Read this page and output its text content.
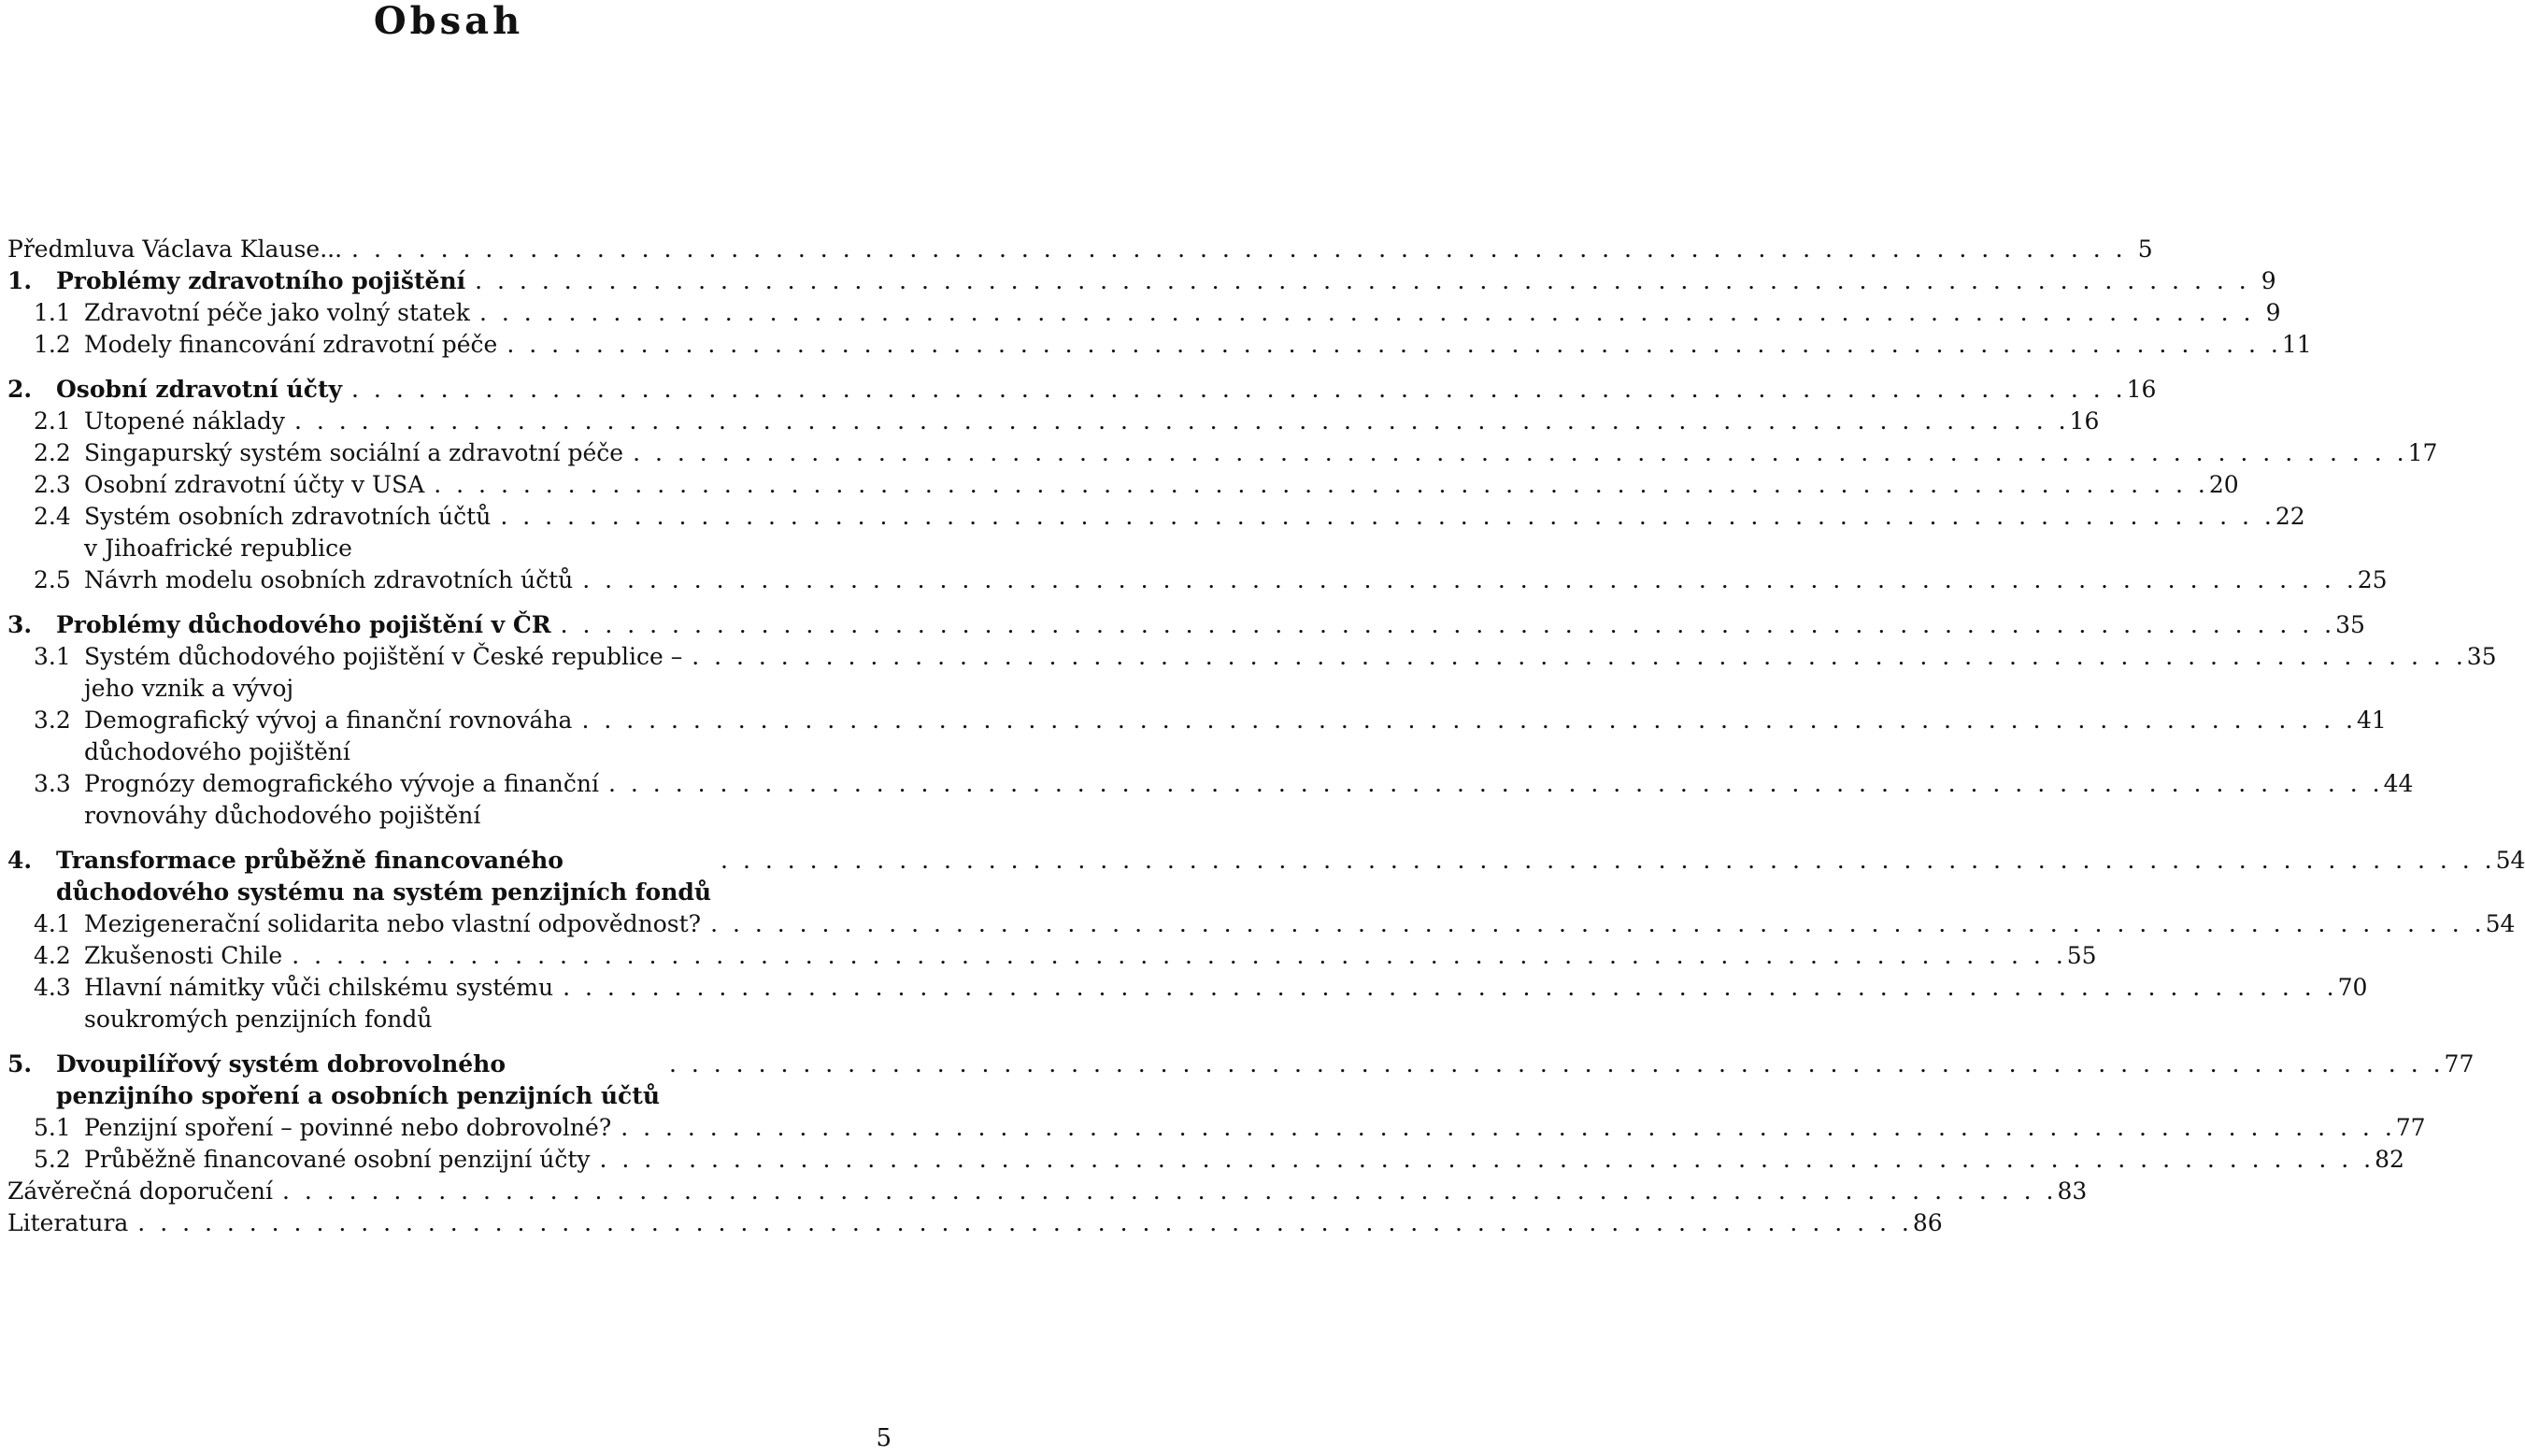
Obsah
Předmluva Václava Klause... . . . . . . . . . . . . . . . . . . . . . . . . . . . . . . . . . . . . . . . . . . . . . . . . . . . . . . . . . . . . . . . . . . . . . . . . . . . . . . . . 5
1.	Problémy zdravotního pojištění . . . . . . . . . . . . . . . . . . . . . . . . . . . . . . . . . . . . . . . . . . . . . . . . . . . . . . . . . . . . . . . . . . . . . . . . . . . . . . . . 9
1.1 Zdravotní péče jako volný statek . . . . . . . . . . . . . . . . . . . . . . . . . . . . . . . . . . . . . . . . . . . . . . . . . . . . . . . . . . . . . . . . . . . . . . . . . . . . . . . . 9
1.2 Modely financování zdravotní péče . . . . . . . . . . . . . . . . . . . . . . . . . . . . . . . . . . . . . . . . . . . . . . . . . . . . . . . . . . . . . . . . . . . . . . . . . . . . . . . . 11
2.	Osobní zdravotní účty . . . . . . . . . . . . . . . . . . . . . . . . . . . . . . . . . . . . . . . . . . . . . . . . . . . . . . . . . . . . . . . . . . . . . . . . . . . . . . . . 16
2.1 Utopené náklady . . . . . . . . . . . . . . . . . . . . . . . . . . . . . . . . . . . . . . . . . . . . . . . . . . . . . . . . . . . . . . . . . . . . . . . . . . . . . . . . 16
2.2 Singapurský systém sociální a zdravotní péče . . . . . . . . . . . . . . . . . . . . . . . . . . . . . . . . . . . . . . . . . . . . . . . . . . . . . . . . . . . . . . . . . . . . . . . . . . . . . . . . 17
2.3 Osobní zdravotní účty v USA . . . . . . . . . . . . . . . . . . . . . . . . . . . . . . . . . . . . . . . . . . . . . . . . . . . . . . . . . . . . . . . . . . . . . . . . . . . . . . . . 20
2.4 Systém osobních zdravotních účtů
v Jihoafrické republice
. . . . . . . . . . . . . . . . . . . . . . . . . . . . . . . . . . . . . . . . . . . . . . . . . . . . . . . . . . . . . . . . . . . . . . . . . . . . . . . . 22
2.5 Návrh modelu osobních zdravotních účtů . . . . . . . . . . . . . . . . . . . . . . . . . . . . . . . . . . . . . . . . . . . . . . . . . . . . . . . . . . . . . . . . . . . . . . . . . . . . . . . . 25
3.	Problémy důchodového pojištění v ČR . . . . . . . . . . . . . . . . . . . . . . . . . . . . . . . . . . . . . . . . . . . . . . . . . . . . . . . . . . . . . . . . . . . . . . . . . . . . . . . . 35
3.1 Systém důchodového pojištění v České republice –
jeho vznik a vývoj
. . . . . . . . . . . . . . . . . . . . . . . . . . . . . . . . . . . . . . . . . . . . . . . . . . . . . . . . . . . . . . . . . . . . . . . . . . . . . . . . 35
3.2 Demografický vývoj a finanční rovnováha
důchodového pojištění
. . . . . . . . . . . . . . . . . . . . . . . . . . . . . . . . . . . . . . . . . . . . . . . . . . . . . . . . . . . . . . . . . . . . . . . . . . . . . . . . 41
3.3 Prognózy demografického vývoje a finanční
rovnováhy důchodového pojištění
. . . . . . . . . . . . . . . . . . . . . . . . . . . . . . . . . . . . . . . . . . . . . . . . . . . . . . . . . . . . . . . . . . . . . . . . . . . . . . . . 44
4.	Transformace průběžně financovaného
důchodového systému na systém penzijních fondů
. . . . . . . . . . . . . . . . . . . . . . . . . . . . . . . . . . . . . . . . . . . . . . . . . . . . . . . . . . . . . . . . . . . . . . . . . . . . . . . . 54
4.1 Mezigenerační solidarita nebo vlastní odpovědnost? . . . . . . . . . . . . . . . . . . . . . . . . . . . . . . . . . . . . . . . . . . . . . . . . . . . . . . . . . . . . . . . . . . . . . . . . . . . . . . . . 54
4.2 Zkušenosti Chile . . . . . . . . . . . . . . . . . . . . . . . . . . . . . . . . . . . . . . . . . . . . . . . . . . . . . . . . . . . . . . . . . . . . . . . . . . . . . . . . 55
4.3 Hlavní námitky vůči chilskému systému
soukromých penzijních fondů
. . . . . . . . . . . . . . . . . . . . . . . . . . . . . . . . . . . . . . . . . . . . . . . . . . . . . . . . . . . . . . . . . . . . . . . . . . . . . . . . 70
5.	Dvoupilířový systém dobrovolného
penzijního spoření a osobních penzijních účtů
. . . . . . . . . . . . . . . . . . . . . . . . . . . . . . . . . . . . . . . . . . . . . . . . . . . . . . . . . . . . . . . . . . . . . . . . . . . . . . . . 77
5.1 Penzijní spoření – povinné nebo dobrovolné? . . . . . . . . . . . . . . . . . . . . . . . . . . . . . . . . . . . . . . . . . . . . . . . . . . . . . . . . . . . . . . . . . . . . . . . . . . . . . . . . 77
5.2 Průběžně financované osobní penzijní účty . . . . . . . . . . . . . . . . . . . . . . . . . . . . . . . . . . . . . . . . . . . . . . . . . . . . . . . . . . . . . . . . . . . . . . . . . . . . . . . . 82
Závěrečná doporučení . . . . . . . . . . . . . . . . . . . . . . . . . . . . . . . . . . . . . . . . . . . . . . . . . . . . . . . . . . . . . . . . . . . . . . . . . . . . . . . . 83
Literatura . . . . . . . . . . . . . . . . . . . . . . . . . . . . . . . . . . . . . . . . . . . . . . . . . . . . . . . . . . . . . . . . . . . . . . . . . . . . . . . . 86
5
